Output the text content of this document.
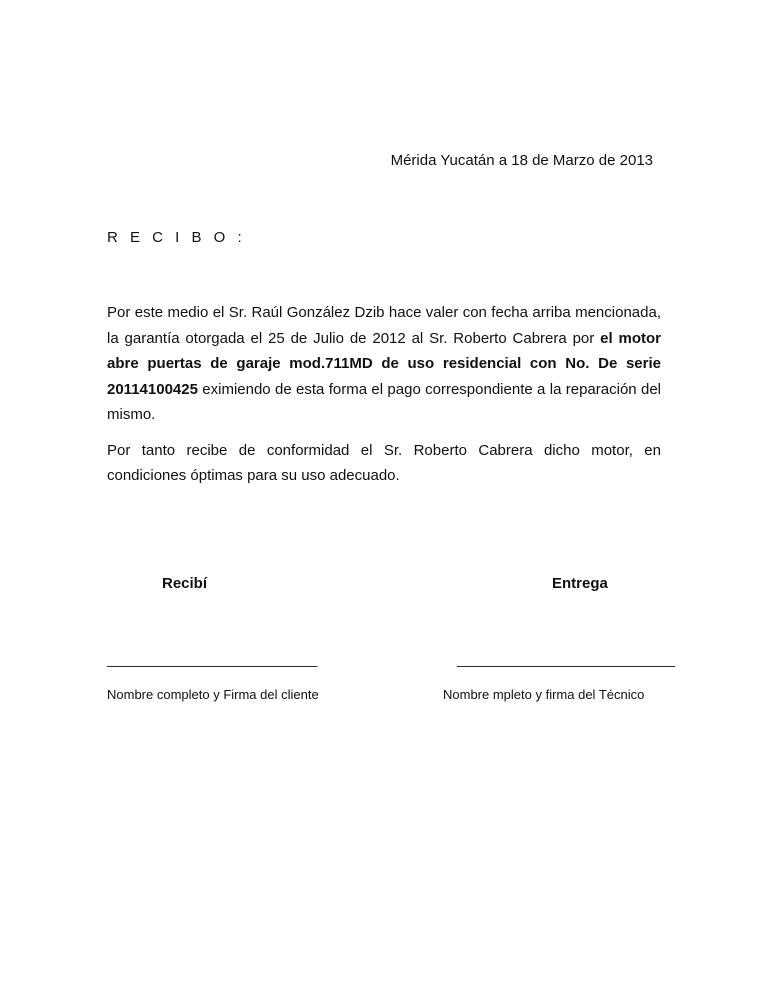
Mérida Yucatán a 18 de Marzo de 2013
R E C I B O :

Por este medio el Sr. Raúl González Dzib hace valer con fecha arriba mencionada, la garantía otorgada el 25 de Julio de 2012 al Sr. Roberto Cabrera por el motor abre puertas de garaje mod.711MD de uso residencial con No. De serie 20114100425 eximiendo de esta forma el pago correspondiente a la reparación del mismo.

Por tanto recibe de conformidad el Sr. Roberto Cabrera dicho motor, en condiciones óptimas para su uso adecuado.

Recibí	Entrega
___________________________	____________________________
Nombre completo y Firma del cliente	Nombre mpleto y firma del Técnico
